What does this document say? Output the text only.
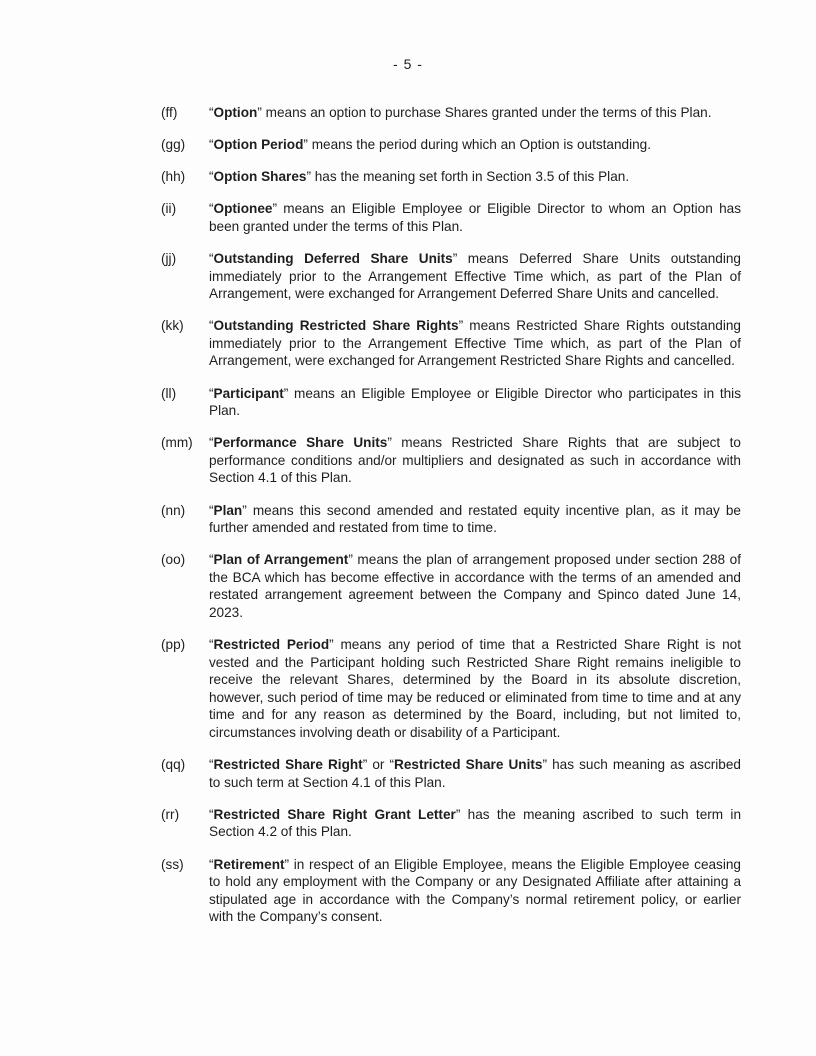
- 5 -
(ff)	“Option” means an option to purchase Shares granted under the terms of this Plan.
(gg)	“Option Period” means the period during which an Option is outstanding.
(hh)	“Option Shares” has the meaning set forth in Section 3.5 of this Plan.
(ii)	“Optionee” means an Eligible Employee or Eligible Director to whom an Option has been granted under the terms of this Plan.
(jj)	“Outstanding Deferred Share Units” means Deferred Share Units outstanding immediately prior to the Arrangement Effective Time which, as part of the Plan of Arrangement, were exchanged for Arrangement Deferred Share Units and cancelled.
(kk)	“Outstanding Restricted Share Rights” means Restricted Share Rights outstanding immediately prior to the Arrangement Effective Time which, as part of the Plan of Arrangement, were exchanged for Arrangement Restricted Share Rights and cancelled.
(ll)	“Participant” means an Eligible Employee or Eligible Director who participates in this Plan.
(mm)	“Performance Share Units” means Restricted Share Rights that are subject to performance conditions and/or multipliers and designated as such in accordance with Section 4.1 of this Plan.
(nn)	“Plan” means this second amended and restated equity incentive plan, as it may be further amended and restated from time to time.
(oo)	“Plan of Arrangement” means the plan of arrangement proposed under section 288 of the BCA which has become effective in accordance with the terms of an amended and restated arrangement agreement between the Company and Spinco dated June 14, 2023.
(pp)	“Restricted Period” means any period of time that a Restricted Share Right is not vested and the Participant holding such Restricted Share Right remains ineligible to receive the relevant Shares, determined by the Board in its absolute discretion, however, such period of time may be reduced or eliminated from time to time and at any time and for any reason as determined by the Board, including, but not limited to, circumstances involving death or disability of a Participant.
(qq)	“Restricted Share Right” or “Restricted Share Units” has such meaning as ascribed to such term at Section 4.1 of this Plan.
(rr)	“Restricted Share Right Grant Letter” has the meaning ascribed to such term in Section 4.2 of this Plan.
(ss)	“Retirement” in respect of an Eligible Employee, means the Eligible Employee ceasing to hold any employment with the Company or any Designated Affiliate after attaining a stipulated age in accordance with the Company’s normal retirement policy, or earlier with the Company’s consent.
